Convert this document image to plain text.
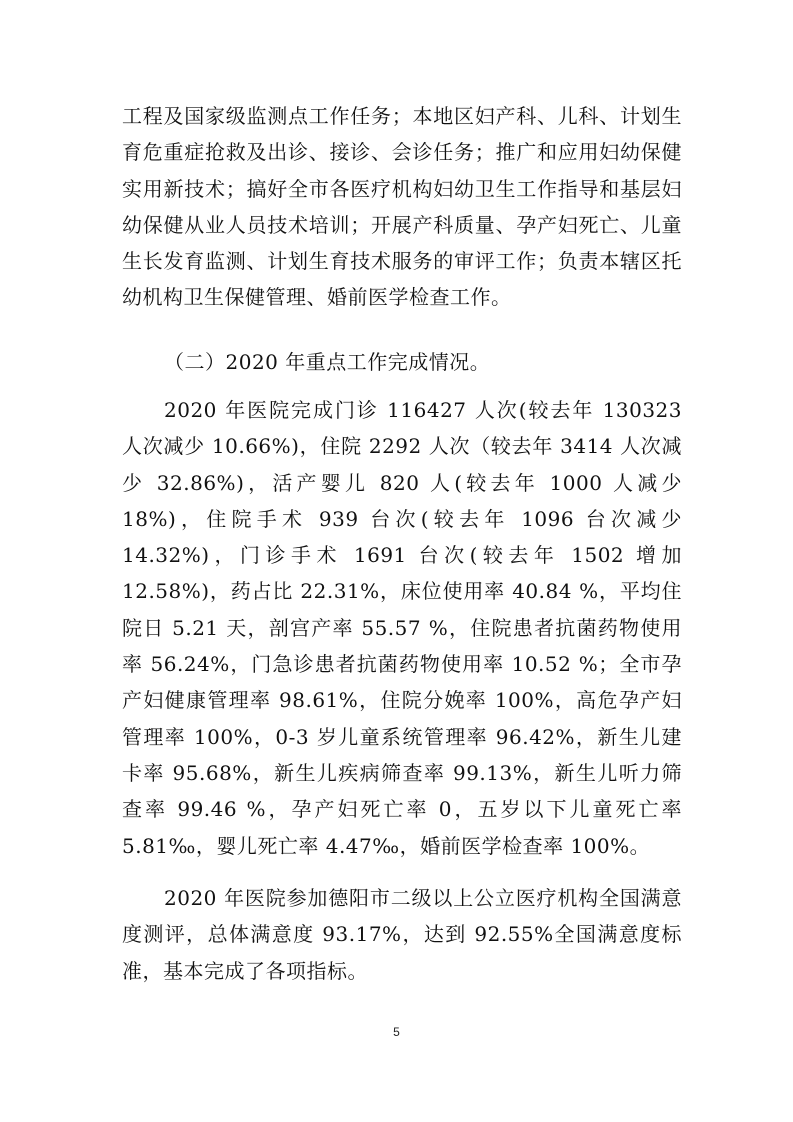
工程及国家级监测点工作任务；本地区妇产科、儿科、计划生育危重症抢救及出诊、接诊、会诊任务；推广和应用妇幼保健实用新技术；搞好全市各医疗机构妇幼卫生工作指导和基层妇幼保健从业人员技术培训；开展产科质量、孕产妇死亡、儿童生长发育监测、计划生育技术服务的审评工作；负责本辖区托幼机构卫生保健管理、婚前医学检查工作。

（二）2020 年重点工作完成情况。

2020 年医院完成门诊 116427 人次(较去年 130323 人次减少 10.66%)，住院 2292 人次（较去年 3414 人次减少 32.86%)，活产婴儿 820 人(较去年 1000 人减少 18%)，住院手术 939 台次(较去年 1096 台次减少 14.32%)，门诊手术 1691 台次(较去年 1502 增加 12.58%)，药占比 22.31%，床位使用率 40.84 %，平均住院日 5.21 天，剖宫产率 55.57 %，住院患者抗菌药物使用率 56.24%，门急诊患者抗菌药物使用率 10.52 %；全市孕产妇健康管理率 98.61%，住院分娩率 100%，高危孕产妇管理率 100%，0-3 岁儿童系统管理率 96.42%，新生儿建卡率 95.68%，新生儿疾病筛查率 99.13%，新生儿听力筛查率 99.46 %，孕产妇死亡率 0，五岁以下儿童死亡率 5.81‰，婴儿死亡率 4.47‰，婚前医学检查率 100%。

2020 年医院参加德阳市二级以上公立医疗机构全国满意度测评，总体满意度 93.17%，达到 92.55%全国满意度标准，基本完成了各项指标。

5
